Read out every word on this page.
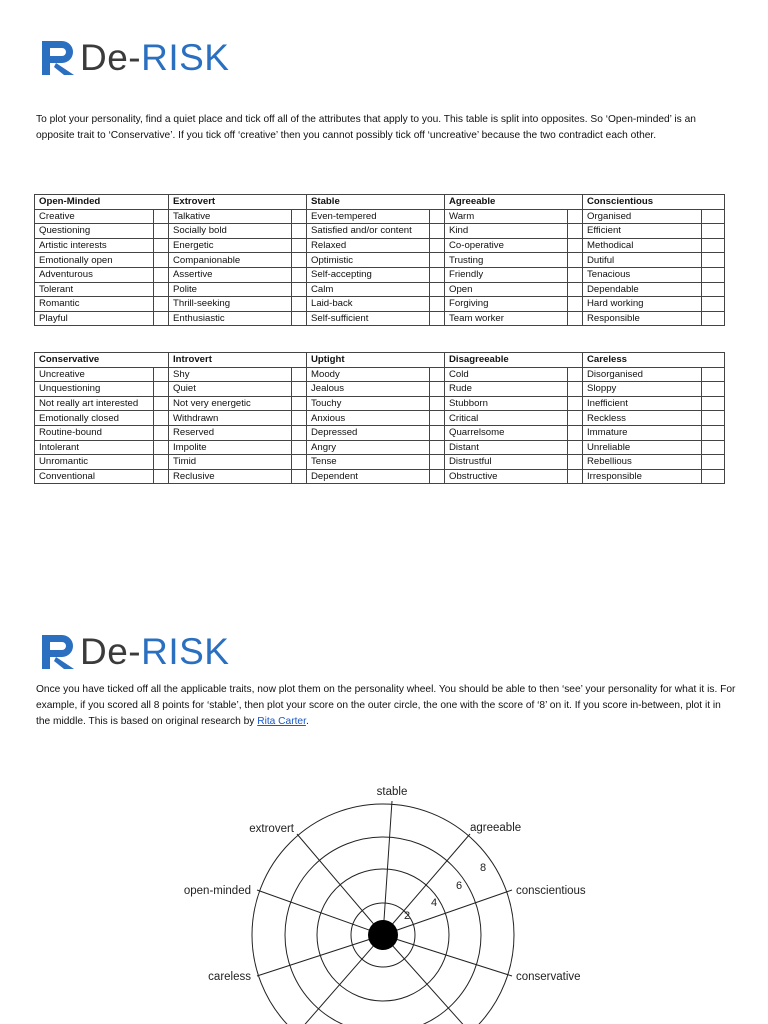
De-RISK

To plot your personality, find a quiet place and tick off all of the attributes that apply to you. This table is split into opposites. So ‘Open-minded’ is an opposite trait to ‘Conservative’. If you tick off ‘creative’ then you cannot possibly tick off ‘uncreative’ because the two contradict each other.

Open-Minded		Extrovert		Stable		Agreeable		Conscientious	
Creative		Talkative		Even-tempered		Warm		Organised	
Questioning		Socially bold		Satisfied and/or content		Kind		Efficient	
Artistic interests		Energetic		Relaxed		Co-operative		Methodical	
Emotionally open		Companionable		Optimistic		Trusting		Dutiful	
Adventurous		Assertive		Self-accepting		Friendly		Tenacious	
Tolerant		Polite		Calm		Open		Dependable	
Romantic		Thrill-seeking		Laid-back		Forgiving		Hard working	
Playful		Enthusiastic		Self-sufficient		Team worker		Responsible	
Conservative		Introvert		Uptight		Disagreeable		Careless	
Uncreative		Shy		Moody		Cold		Disorganised	
Unquestioning		Quiet		Jealous		Rude		Sloppy	
Not really art interested		Not very energetic		Touchy		Stubborn		Inefficient	
Emotionally closed		Withdrawn		Anxious		Critical		Reckless	
Routine-bound		Reserved		Depressed		Quarrelsome		Immature	
Intolerant		Impolite		Angry		Distant		Unreliable	
Unromantic		Timid		Tense		Distrustful		Rebellious	
Conventional		Reclusive		Dependent		Obstructive		Irresponsible	
De-RISK

Once you have ticked off all the applicable traits, now plot them on the personality wheel. You should be able to then ‘see’ your personality for what it is. For example, if you scored all 8 points for ‘stable’, then plot your score on the outer circle, the one with the score of ‘8’ on it. If you score in-between, plot it in the middle. This is based on original research by Rita Carter.

stable
agreeable
extrovert
conscientious
open-minded
conservative
careless
2
4
6
8
